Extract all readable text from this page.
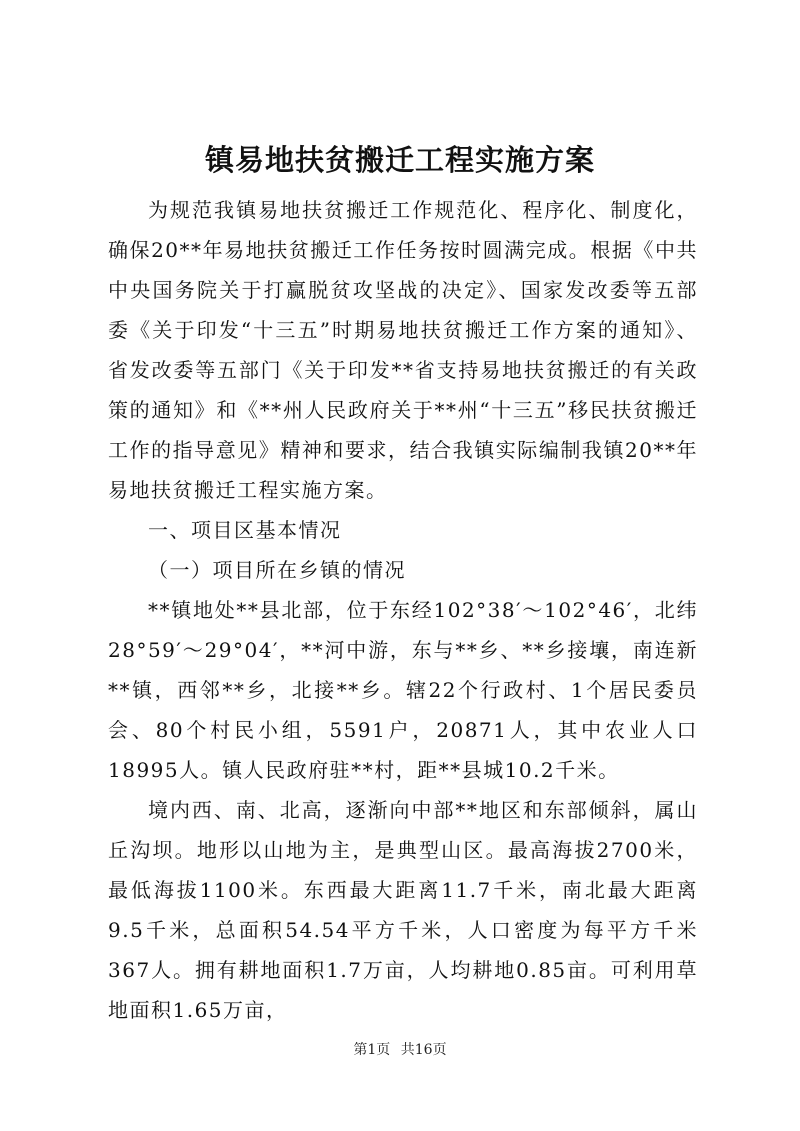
镇易地扶贫搬迁工程实施方案

为规范我镇易地扶贫搬迁工作规范化、程序化、制度化，确保20**年易地扶贫搬迁工作任务按时圆满完成。根据《中共中央国务院关于打赢脱贫攻坚战的决定》、国家发改委等五部委《关于印发“十三五”时期易地扶贫搬迁工作方案的通知》、省发改委等五部门《关于印发**省支持易地扶贫搬迁的有关政策的通知》和《**州人民政府关于**州“十三五”移民扶贫搬迁工作的指导意见》精神和要求，结合我镇实际编制我镇20**年易地扶贫搬迁工程实施方案。

一、项目区基本情况

（一）项目所在乡镇的情况

**镇地处**县北部，位于东经102°38′～102°46′，北纬28°59′～29°04′，**河中游，东与**乡、**乡接壤，南连新**镇，西邻**乡，北接**乡。辖22个行政村、1个居民委员会、80个村民小组，5591户，20871人，其中农业人口18995人。镇人民政府驻**村，距**县城10.2千米。

境内西、南、北高，逐渐向中部**地区和东部倾斜，属山丘沟坝。地形以山地为主，是典型山区。最高海拔2700米，最低海拔1100米。东西最大距离11.7千米，南北最大距离9.5千米，总面积54.54平方千米，人口密度为每平方千米367人。拥有耕地面积1.7万亩，人均耕地0.85亩。可利用草地面积1.65万亩，

第1页 共16页
